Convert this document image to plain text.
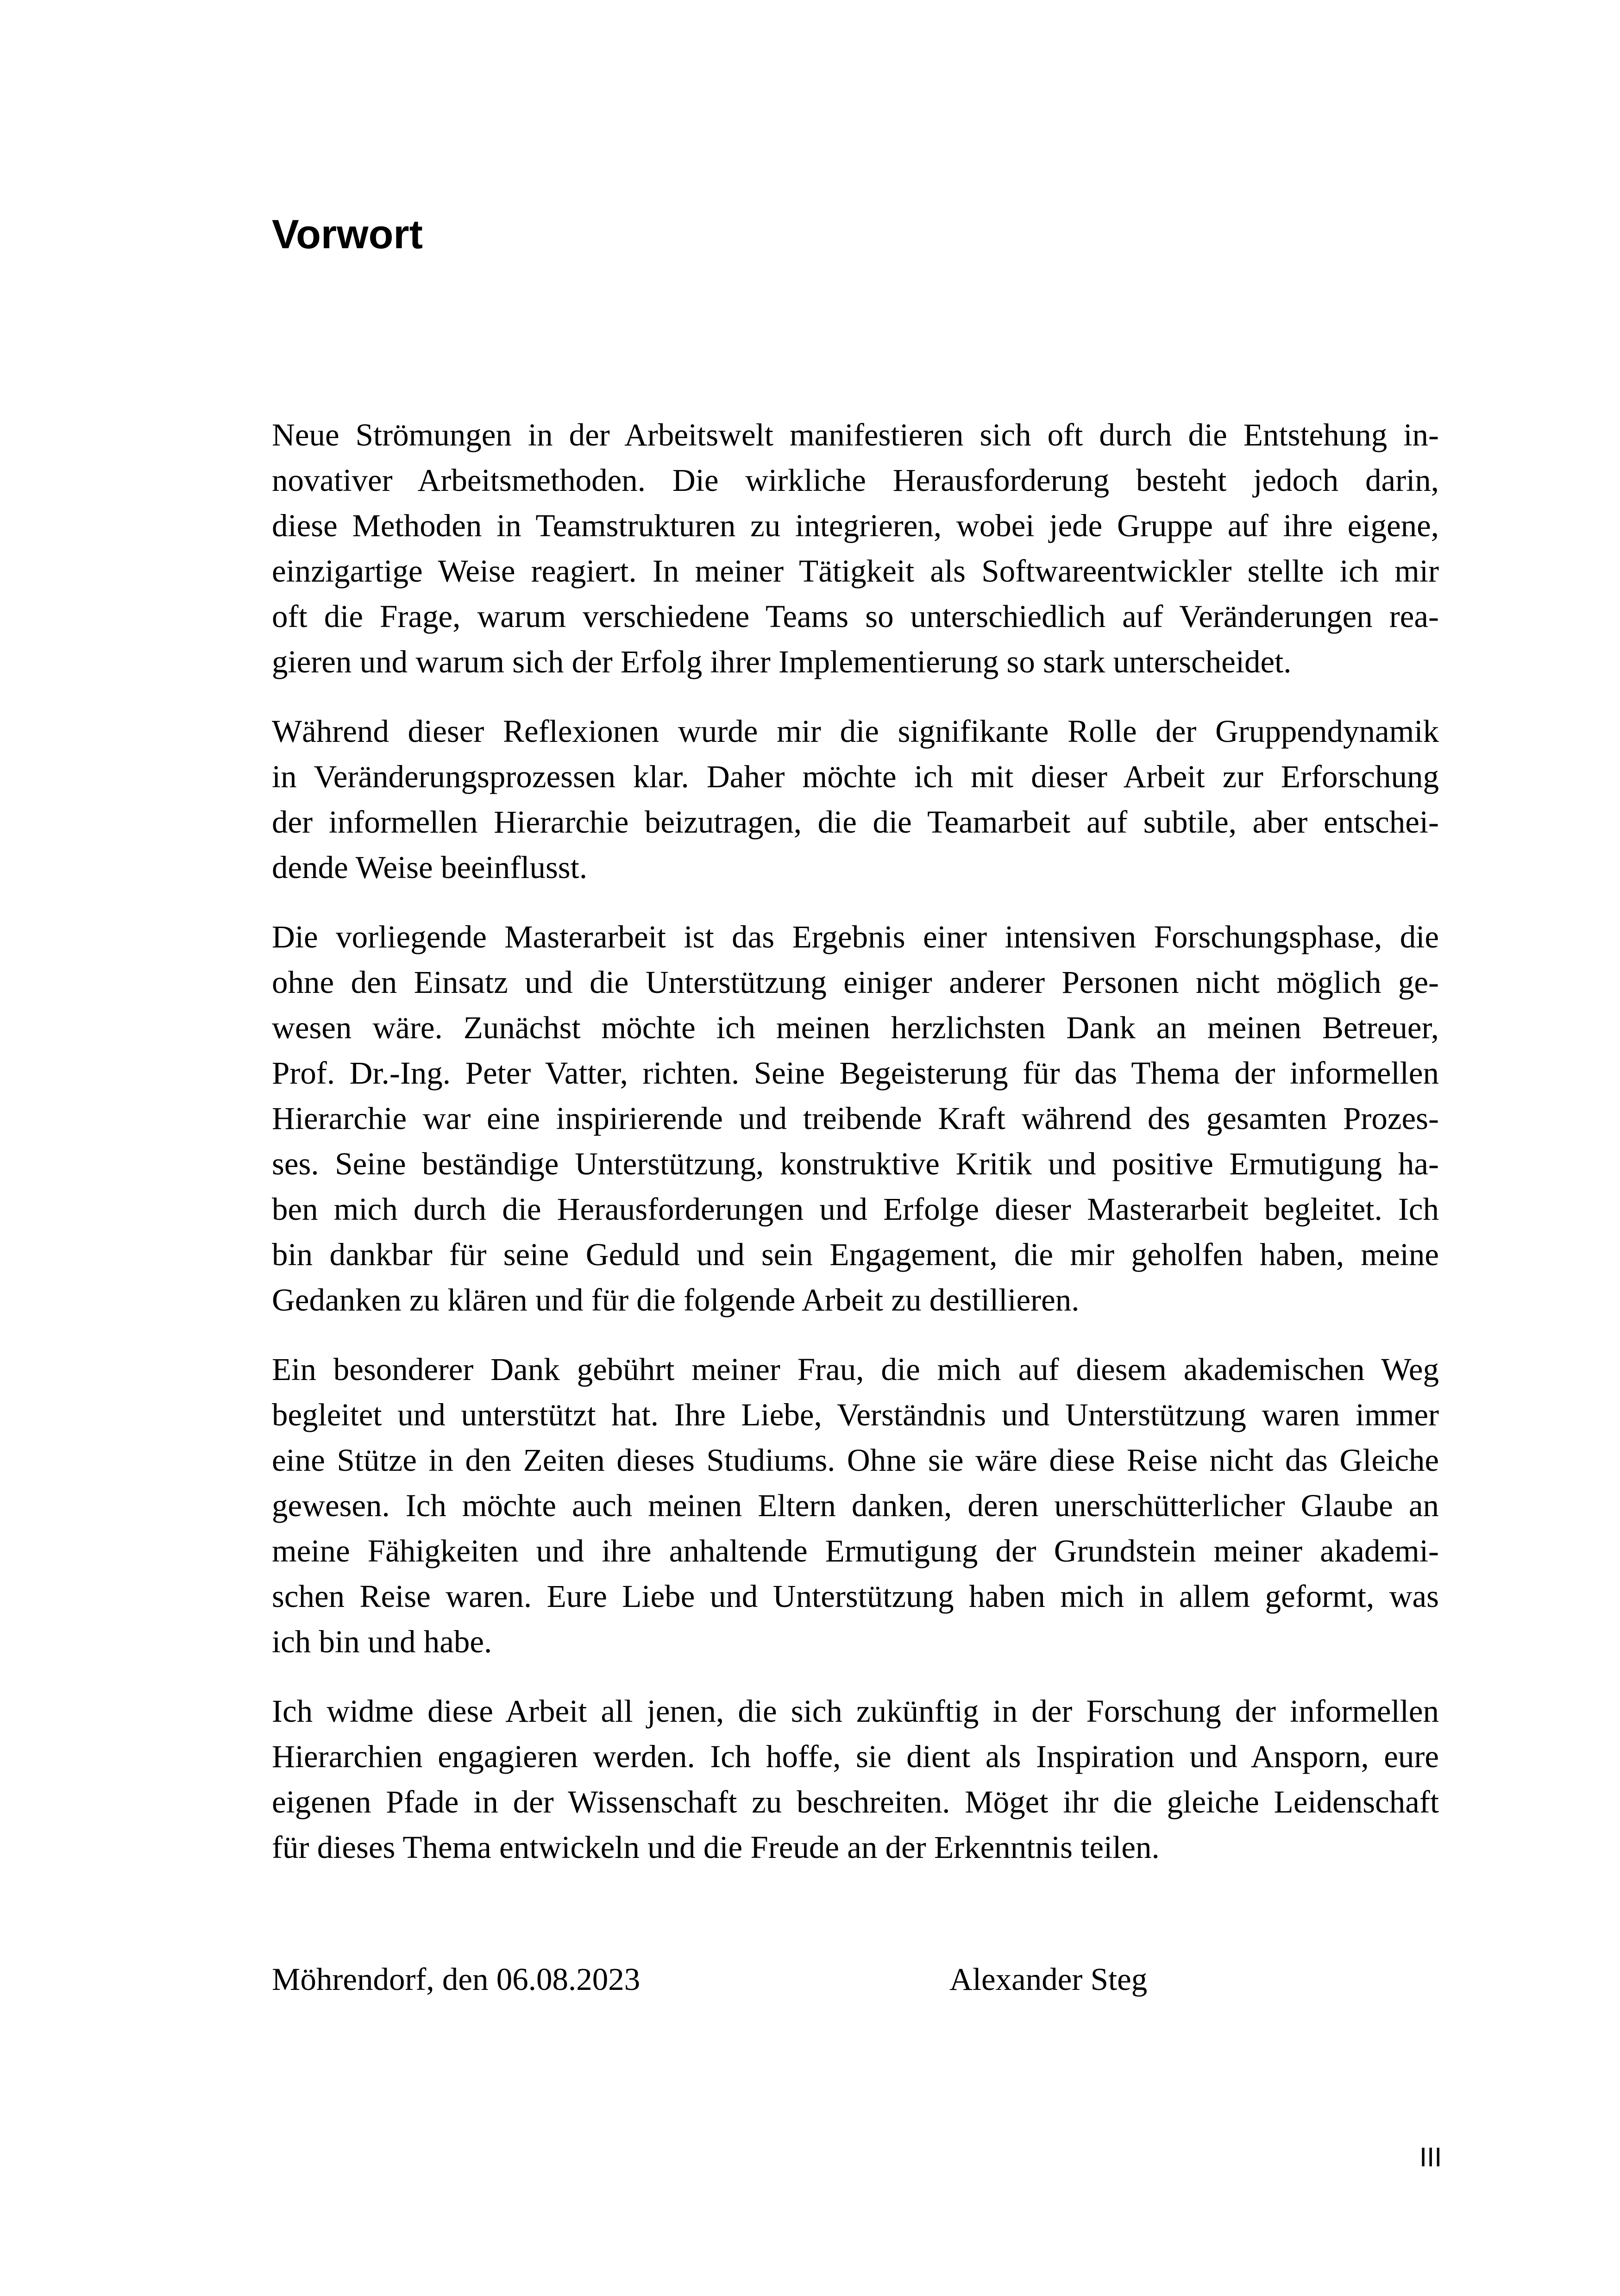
Vorwort

Neue Strömungen in der Arbeitswelt manifestieren sich oft durch die Entstehung in-
novativer Arbeitsmethoden. Die wirkliche Herausforderung besteht jedoch darin,
diese Methoden in Teamstrukturen zu integrieren, wobei jede Gruppe auf ihre eigene,
einzigartige Weise reagiert. In meiner Tätigkeit als Softwareentwickler stellte ich mir
oft die Frage, warum verschiedene Teams so unterschiedlich auf Veränderungen rea-
gieren und warum sich der Erfolg ihrer Implementierung so stark unterscheidet.

Während dieser Reflexionen wurde mir die signifikante Rolle der Gruppendynamik
in Veränderungsprozessen klar. Daher möchte ich mit dieser Arbeit zur Erforschung
der informellen Hierarchie beizutragen, die die Teamarbeit auf subtile, aber entschei-
dende Weise beeinflusst.

Die vorliegende Masterarbeit ist das Ergebnis einer intensiven Forschungsphase, die
ohne den Einsatz und die Unterstützung einiger anderer Personen nicht möglich ge-
wesen wäre. Zunächst möchte ich meinen herzlichsten Dank an meinen Betreuer,
Prof. Dr.-Ing. Peter Vatter, richten. Seine Begeisterung für das Thema der informellen
Hierarchie war eine inspirierende und treibende Kraft während des gesamten Prozes-
ses. Seine beständige Unterstützung, konstruktive Kritik und positive Ermutigung ha-
ben mich durch die Herausforderungen und Erfolge dieser Masterarbeit begleitet. Ich
bin dankbar für seine Geduld und sein Engagement, die mir geholfen haben, meine
Gedanken zu klären und für die folgende Arbeit zu destillieren.

Ein besonderer Dank gebührt meiner Frau, die mich auf diesem akademischen Weg
begleitet und unterstützt hat. Ihre Liebe, Verständnis und Unterstützung waren immer
eine Stütze in den Zeiten dieses Studiums. Ohne sie wäre diese Reise nicht das Gleiche
gewesen. Ich möchte auch meinen Eltern danken, deren unerschütterlicher Glaube an
meine Fähigkeiten und ihre anhaltende Ermutigung der Grundstein meiner akademi-
schen Reise waren. Eure Liebe und Unterstützung haben mich in allem geformt, was
ich bin und habe.

Ich widme diese Arbeit all jenen, die sich zukünftig in der Forschung der informellen
Hierarchien engagieren werden. Ich hoffe, sie dient als Inspiration und Ansporn, eure
eigenen Pfade in der Wissenschaft zu beschreiten. Möget ihr die gleiche Leidenschaft
für dieses Thema entwickeln und die Freude an der Erkenntnis teilen.

Möhrendorf, den 06.08.2023	Alexander Steg
III
